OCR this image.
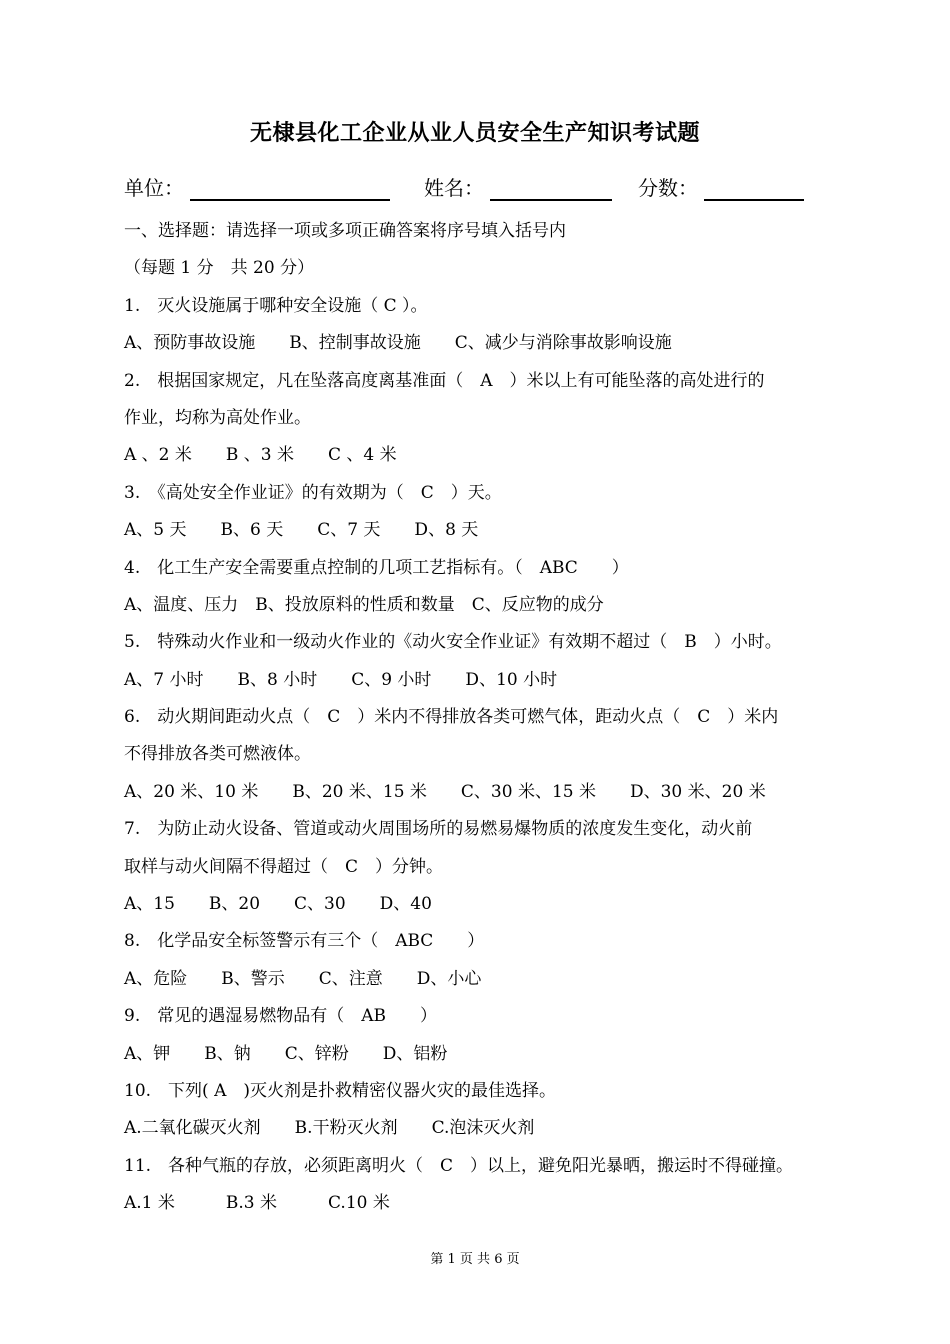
无棣县化工企业从业人员安全生产知识考试题
单位：	姓名：	分数：
一、选择题：请选择一项或多项正确答案将序号填入括号内
（每题 1 分　共 20 分）
1.　灭火设施属于哪种安全设施（ C ）。
A、预防事故设施　　B、控制事故设施　　C、减少与消除事故影响设施
2.　根据国家规定，凡在坠落高度离基准面（　A　）米以上有可能坠落的高处进行的
作业，均称为高处作业。
A 、2 米　　B 、3 米　　C 、4 米
3.　《高处安全作业证》的有效期为（　C　）天。
A、5 天　　B、6 天　　C、7 天　　D、8 天
4.　化工生产安全需要重点控制的几项工艺指标有。（　ABC　　）
A、温度、压力　B、投放原料的性质和数量　C、反应物的成分
5.　特殊动火作业和一级动火作业的《动火安全作业证》有效期不超过（　B　）小时。
A、7 小时　　B、8 小时　　C、9 小时　　D、10 小时
6.　动火期间距动火点（　C　）米内不得排放各类可燃气体，距动火点（　C　）米内
不得排放各类可燃液体。
A、20 米、10 米　　B、20 米、15 米　　C、30 米、15 米　　D、30 米、20 米
7.　为防止动火设备、管道或动火周围场所的易燃易爆物质的浓度发生变化，动火前
取样与动火间隔不得超过（　C　）分钟。
A、15　　B、20　　C、30　　D、40
8.　化学品安全标签警示有三个（　ABC　　）
A、危险　　B、警示　　C、注意　　D、小心
9.　常见的遇湿易燃物品有（　AB　　）
A、钾　　B、钠　　C、锌粉　　D、铝粉
10.　下列( A　)灭火剂是扑救精密仪器火灾的最佳选择。
A.二氧化碳灭火剂　　B.干粉灭火剂　　C.泡沫灭火剂
11.　各种气瓶的存放，必须距离明火（　C　）以上，避免阳光暴晒，搬运时不得碰撞。
A.1 米　　　B.3 米　　　C.10 米
第 1 页 共 6 页
